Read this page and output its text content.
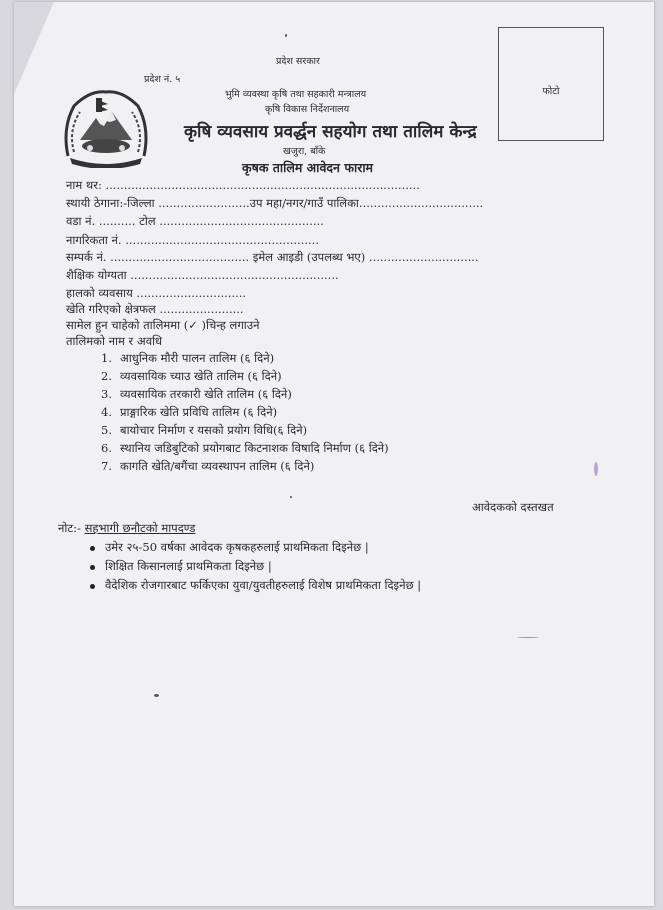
प्रदेश सरकार
प्रदेश नं. ५
भुमि व्यवस्था कृषि तथा सहकारी मन्त्रालय
कृषि विकास निर्देशनालय
कृषि व्यवसाय प्रवर्द्धन सहयोग तथा तालिम केन्द्र
खजुरा, बाँके
कृषक तालिम आवेदन फाराम
फोटो
नाम थर: ......................................................................................
स्थायी ठेगाना:-जिल्ला .........................उप महा/नगर/गाउँ पालिका..................................
वडा नं. .......... टोल .............................................
नागरिकता नं. .....................................................
सम्पर्क नं. ...................................... इमेल आइडी (उपलब्ध भए) ..............................
शैक्षिक योग्यता .........................................................
हालको व्यवसाय ..............................
खेति गरिएको क्षेत्रफल .......................
सामेल हुन चाहेको तालिममा (✓ )चिन्ह लगाउने
तालिमको नाम र अवधि
1. आधुनिक मौरी पालन तालिम (६ दिने)
2. व्यवसायिक च्याउ खेति तालिम (६ दिने)
3. व्यवसायिक तरकारी खेति तालिम (६ दिने)
4. प्राङ्गारिक खेति प्रविधि तालिम (६ दिने)
5. बायोचार निर्माण र यसको प्रयोग विधि(६ दिने)
6. स्थानिय जडिबुटिको प्रयोगबाट किटनाशक विषादि निर्माण (६ दिने)
7. कागति खेति/बगैंचा व्यवस्थापन तालिम (६ दिने)
आवेदकको दस्तखत
नोट:- सहभागी छनौटको मापदण्ड
उमेर २५-50 वर्षका आवेदक कृषकहरुलाई प्राथमिकता दिइनेछ |
शिक्षित किसानलाई प्राथमिकता दिइनेछ |
वैदेशिक रोजगारबाट फर्किएका युवा/युवतीहरुलाई विशेष प्राथमिकता दिइनेछ |
